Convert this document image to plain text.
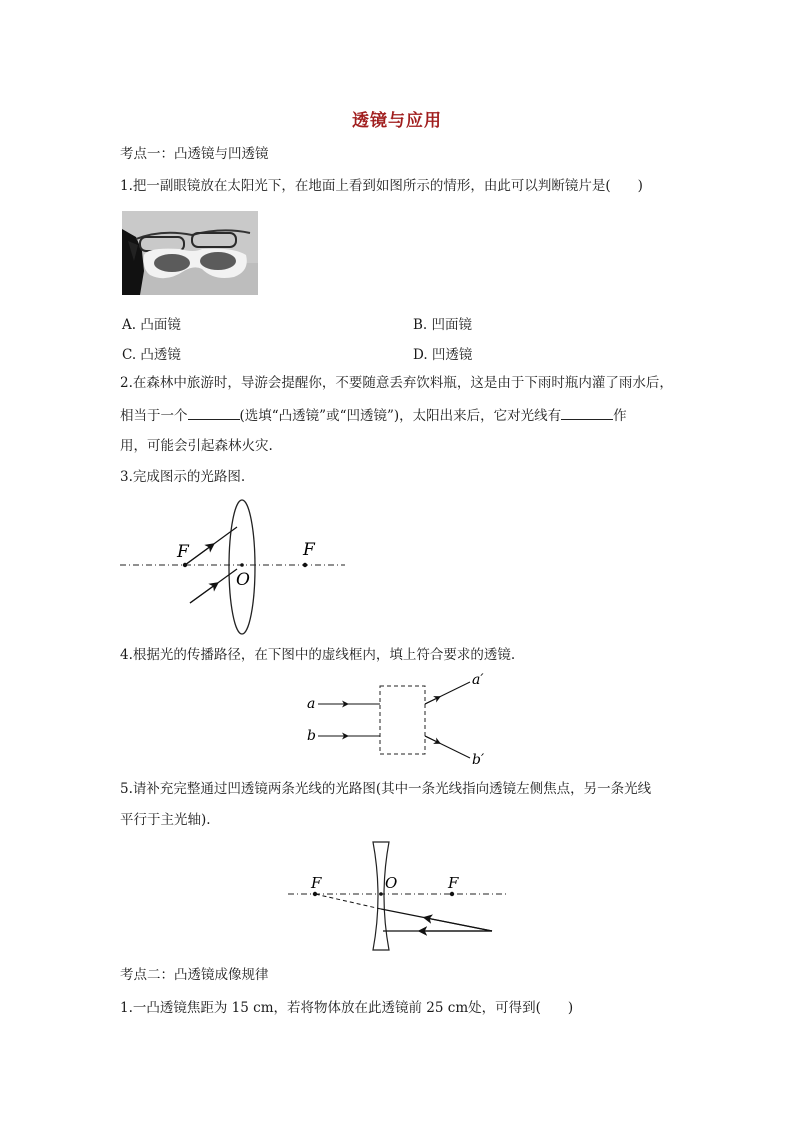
透镜与应用
考点一：凸透镜与凹透镜
1.把一副眼镜放在太阳光下，在地面上看到如图所示的情形，由此可以判断镜片是(　　)
A. 凸面镜	B. 凹面镜
C. 凸透镜	D. 凹透镜
2.在森林中旅游时，导游会提醒你，不要随意丢弃饮料瓶，这是由于下雨时瓶内灌了雨水后，
相当于一个	(选填“凸透镜”或“凹透镜”)，太阳出来后，它对光线有	作
用，可能会引起森林火灾.
3.完成图示的光路图.
F	F
O
4.根据光的传播路径，在下图中的虚线框内，填上符合要求的透镜.
a
b
a′
b′
5.请补充完整通过凹透镜两条光线的光路图(其中一条光线指向透镜左侧焦点，另一条光线
平行于主光轴).
F	O	F
考点二：凸透镜成像规律
1.一凸透镜焦距为 15 cm，若将物体放在此透镜前 25 cm处，可得到(　　)
